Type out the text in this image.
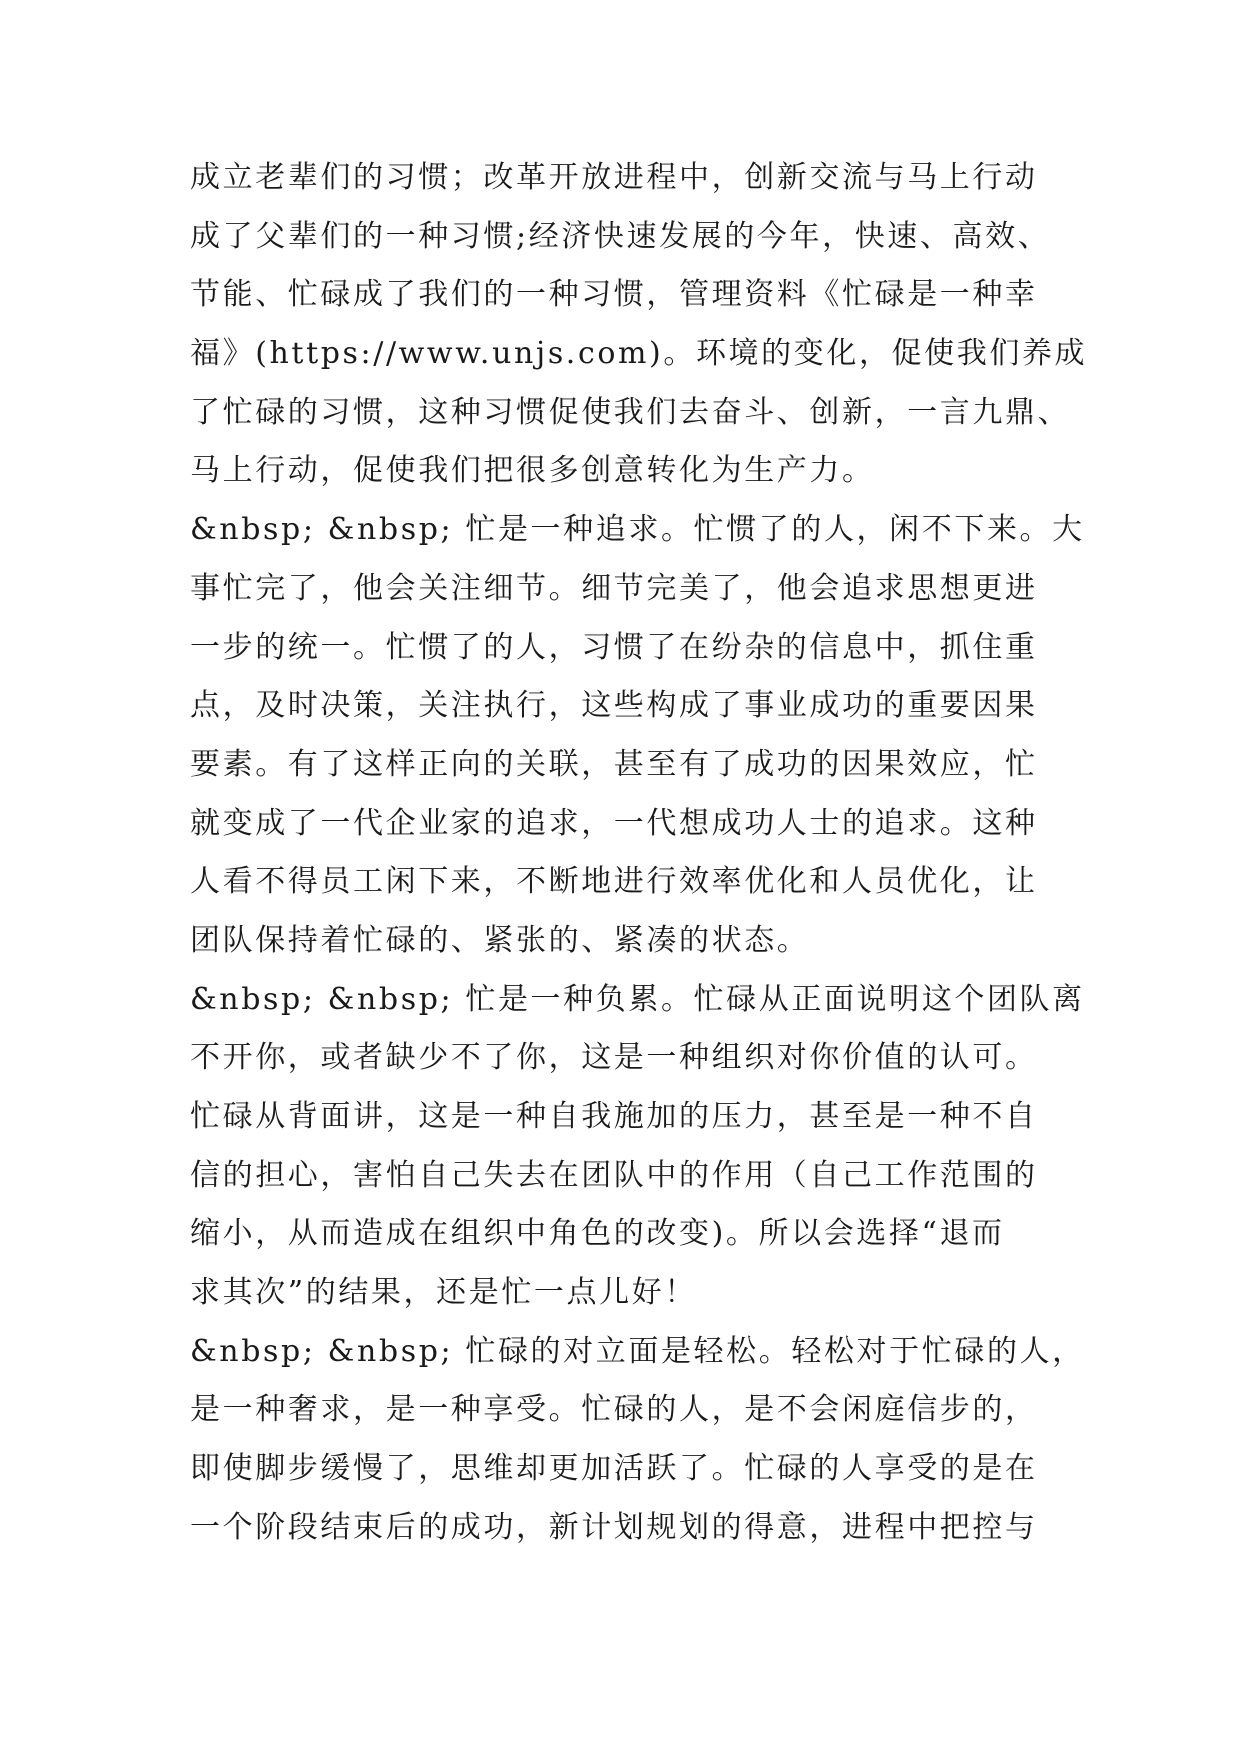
成立老辈们的习惯；改革开放进程中，创新交流与马上行动
成了父辈们的一种习惯;经济快速发展的今年，快速、高效、
节能、忙碌成了我们的一种习惯，管理资料《忙碌是一种幸
福》(https://www.unjs.com)。环境的变化，促使我们养成
了忙碌的习惯，这种习惯促使我们去奋斗、创新，一言九鼎、
马上行动，促使我们把很多创意转化为生产力。
&nbsp; &nbsp; 忙是一种追求。忙惯了的人，闲不下来。大
事忙完了，他会关注细节。细节完美了，他会追求思想更进
一步的统一。忙惯了的人，习惯了在纷杂的信息中，抓住重
点，及时决策，关注执行，这些构成了事业成功的重要因果
要素。有了这样正向的关联，甚至有了成功的因果效应，忙
就变成了一代企业家的追求，一代想成功人士的追求。这种
人看不得员工闲下来，不断地进行效率优化和人员优化，让
团队保持着忙碌的、紧张的、紧凑的状态。
&nbsp; &nbsp; 忙是一种负累。忙碌从正面说明这个团队离
不开你，或者缺少不了你，这是一种组织对你价值的认可。
忙碌从背面讲，这是一种自我施加的压力，甚至是一种不自
信的担心，害怕自己失去在团队中的作用（自己工作范围的
缩小，从而造成在组织中角色的改变)。所以会选择“退而
求其次”的结果，还是忙一点儿好！
&nbsp; &nbsp; 忙碌的对立面是轻松。轻松对于忙碌的人，
是一种奢求，是一种享受。忙碌的人，是不会闲庭信步的，
即使脚步缓慢了，思维却更加活跃了。忙碌的人享受的是在
一个阶段结束后的成功，新计划规划的得意，进程中把控与
